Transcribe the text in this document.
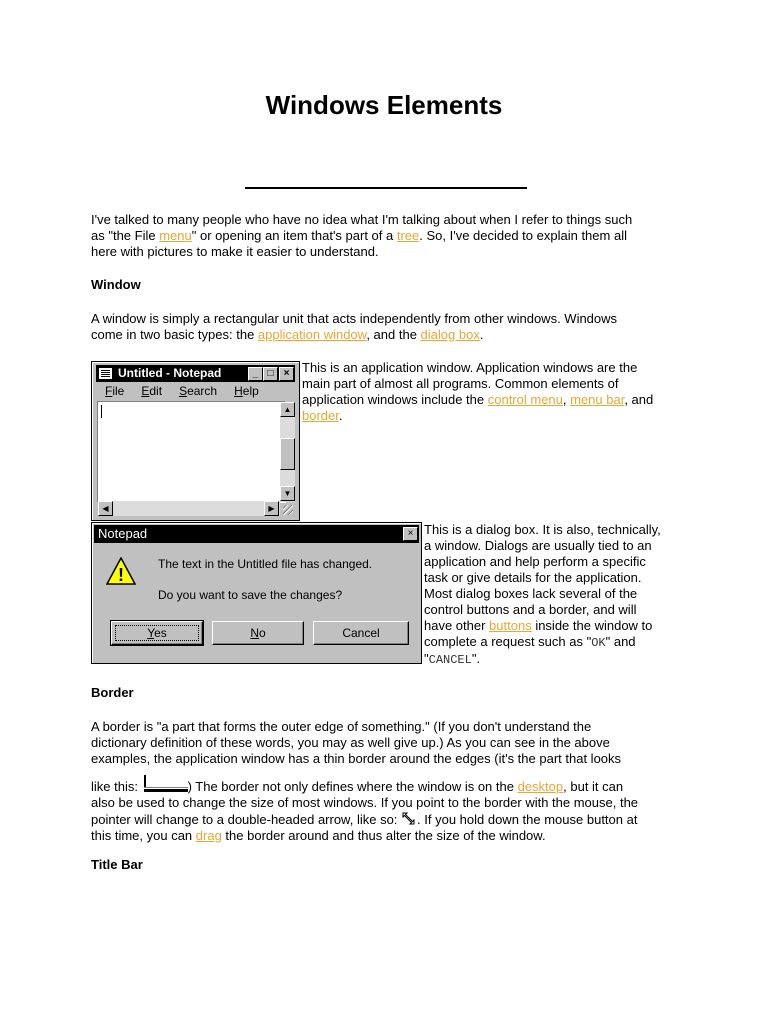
Windows Elements
I've talked to many people who have no idea what I'm talking about when I refer to things such
as "the File menu" or opening an item that's part of a tree. So, I've decided to explain them all
here with pictures to make it easier to understand.
Window
A window is simply a rectangular unit that acts independently from other windows. Windows
come in two basic types: the application window, and the dialog box.
Untitled - Notepad	_ □	×
File Edit Search Help
▲
▼
◀	▶
This is an application window. Application windows are the
main part of almost all programs. Common elements of
application windows include the control menu, menu bar, and
border.
Notepad	×
!
The text in the Untitled file has changed.
Do you want to save the changes?
Yes	No	Cancel
This is a dialog box. It is also, technically,
a window. Dialogs are usually tied to an
application and help perform a specific
task or give details for the application.
Most dialog boxes lack several of the
control buttons and a border, and will
have other buttons inside the window to
complete a request such as "OK" and
"CANCEL".
Border
A border is "a part that forms the outer edge of something." (If you don't understand the
dictionary definition of these words, you may as well give up.) As you can see in the above
examples, the application window has a thin border around the edges (it's the part that looks
like this:	) The border not only defines where the window is on the desktop, but it can
also be used to change the size of most windows. If you point to the border with the mouse, the
pointer will change to a double-headed arrow, like so: . If you hold down the mouse button at
this time, you can drag the border around and thus alter the size of the window.
Title Bar
